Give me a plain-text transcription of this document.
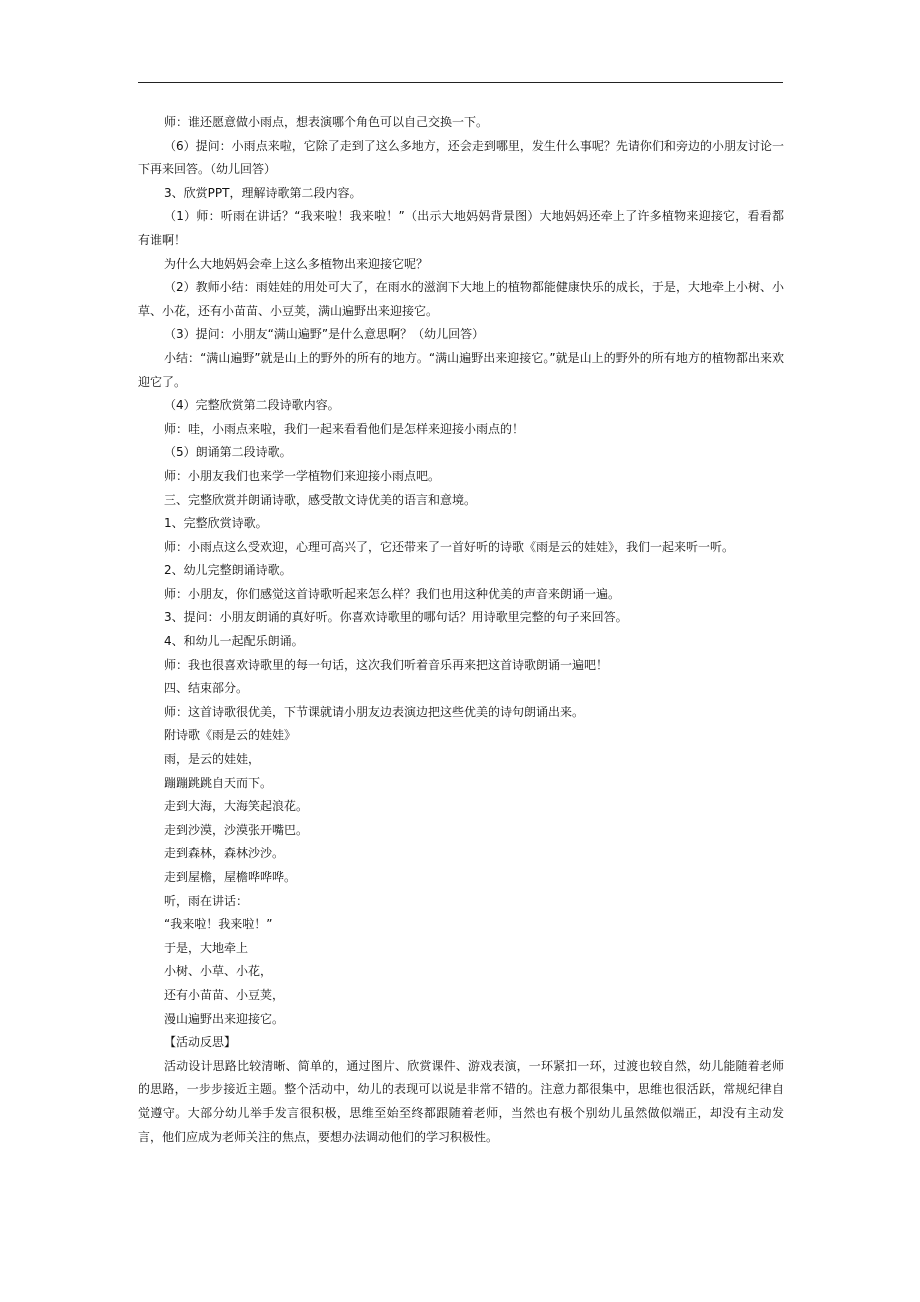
师：谁还愿意做小雨点，想表演哪个角色可以自己交换一下。

（6）提问：小雨点来啦，它除了走到了这么多地方，还会走到哪里，发生什么事呢？先请你们和旁边的小朋友讨论一下再来回答。（幼儿回答）

3、欣赏PPT，理解诗歌第二段内容。

（1）师：听雨在讲话？“我来啦！我来啦！”（出示大地妈妈背景图）大地妈妈还牵上了许多植物来迎接它，看看都有谁啊！

为什么大地妈妈会牵上这么多植物出来迎接它呢？

（2）教师小结：雨娃娃的用处可大了，在雨水的滋润下大地上的植物都能健康快乐的成长，于是，大地牵上小树、小草、小花，还有小苗苗、小豆荚，满山遍野出来迎接它。

（3）提问：小朋友“满山遍野”是什么意思啊？（幼儿回答）

小结：“满山遍野”就是山上的野外的所有的地方。“满山遍野出来迎接它。”就是山上的野外的所有地方的植物都出来欢迎它了。

（4）完整欣赏第二段诗歌内容。

师：哇，小雨点来啦，我们一起来看看他们是怎样来迎接小雨点的！

（5）朗诵第二段诗歌。

师：小朋友我们也来学一学植物们来迎接小雨点吧。

三、完整欣赏并朗诵诗歌，感受散文诗优美的语言和意境。

1、完整欣赏诗歌。

师：小雨点这么受欢迎，心理可高兴了，它还带来了一首好听的诗歌《雨是云的娃娃》，我们一起来听一听。

2、幼儿完整朗诵诗歌。

师：小朋友，你们感觉这首诗歌听起来怎么样？我们也用这种优美的声音来朗诵一遍。

3、提问：小朋友朗诵的真好听。你喜欢诗歌里的哪句话？用诗歌里完整的句子来回答。

4、和幼儿一起配乐朗诵。

师：我也很喜欢诗歌里的每一句话，这次我们听着音乐再来把这首诗歌朗诵一遍吧！

四、结束部分。

师：这首诗歌很优美，下节课就请小朋友边表演边把这些优美的诗句朗诵出来。

附诗歌《雨是云的娃娃》

雨，是云的娃娃，

蹦蹦跳跳自天而下。

走到大海，大海笑起浪花。

走到沙漠，沙漠张开嘴巴。

走到森林，森林沙沙。

走到屋檐，屋檐哗哗哗。

听，雨在讲话：

“我来啦！我来啦！”

于是，大地牵上

小树、小草、小花，

还有小苗苗、小豆荚，

漫山遍野出来迎接它。

【活动反思】

活动设计思路比较清晰、简单的，通过图片、欣赏课件、游戏表演，一环紧扣一环，过渡也较自然，幼儿能随着老师的思路，一步步接近主题。整个活动中，幼儿的表现可以说是非常不错的。注意力都很集中，思维也很活跃，常规纪律自觉遵守。大部分幼儿举手发言很积极，思维至始至终都跟随着老师，当然也有极个别幼儿虽然做似端正，却没有主动发言，他们应成为老师关注的焦点，要想办法调动他们的学习积极性。
